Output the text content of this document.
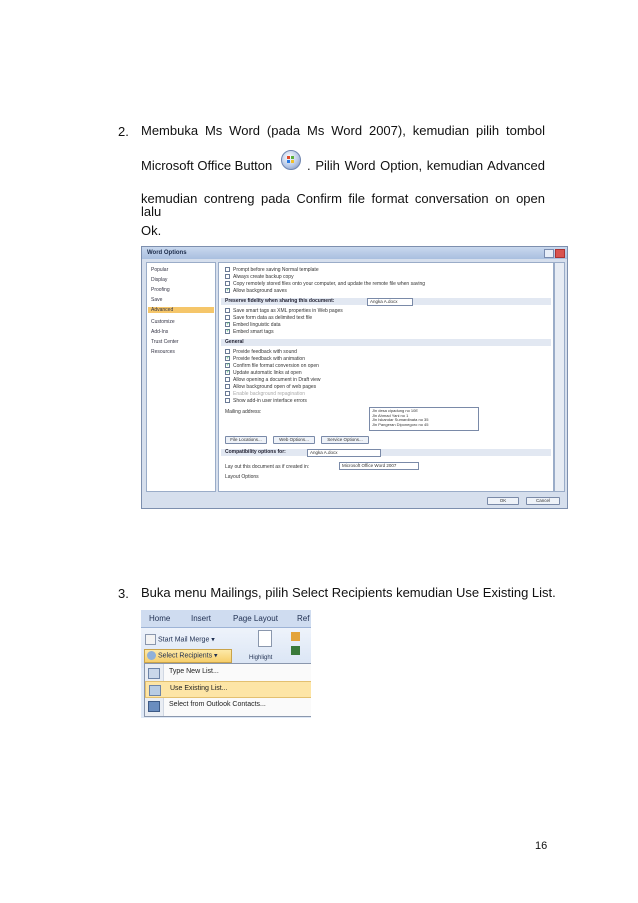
2. Membuka Ms Word (pada Ms Word 2007), kemudian pilih tombol
Microsoft Office Button	. Pilih Word Option, kemudian Advanced
kemudian contreng pada Confirm file format conversation on open lalu
Ok.
Word Options
Popular
Display
Proofing
Save
Advanced
Customize
Add-Ins
Trust Center
Resources
Prompt before saving Normal template
Always create backup copy
Copy remotely stored files onto your computer, and update the remote file when saving
✓Allow background saves
Preserve fidelity when sharing this document:	Angka A.docx
Save smart tags as XML properties in Web pages
Save form data as delimited text file
✓Embed linguistic data
✓Embed smart tags
General
Provide feedback with sound
✓Provide feedback with animation
✓Confirm file format conversion on open
✓Update automatic links at open
Allow opening a document in Draft view
Allow background open of web pages
Enable background repagination
Show add-in user interface errors
Mailing address:	Jln desa cipadung no 10E
Jln Ahmad Yani no 1
Jln Iskandar Sumardinata no 35
Jln Pangeran Diponegoro no 45
File Locations...	Web Options...	Service Options...
Compatibility options for:	Angka A.docx
Lay out this document as if created in:	Microsoft Office Word 2007
Layout Options
OK	Cancel
3. Buka menu Mailings, pilih Select Recipients kemudian Use Existing List.
Home	Insert	Page Layout Ref
Start Mail Merge ▾
Select Recipients ▾	Highlight
Type New List...
Use Existing List...
Select from Outlook Contacts...
16
